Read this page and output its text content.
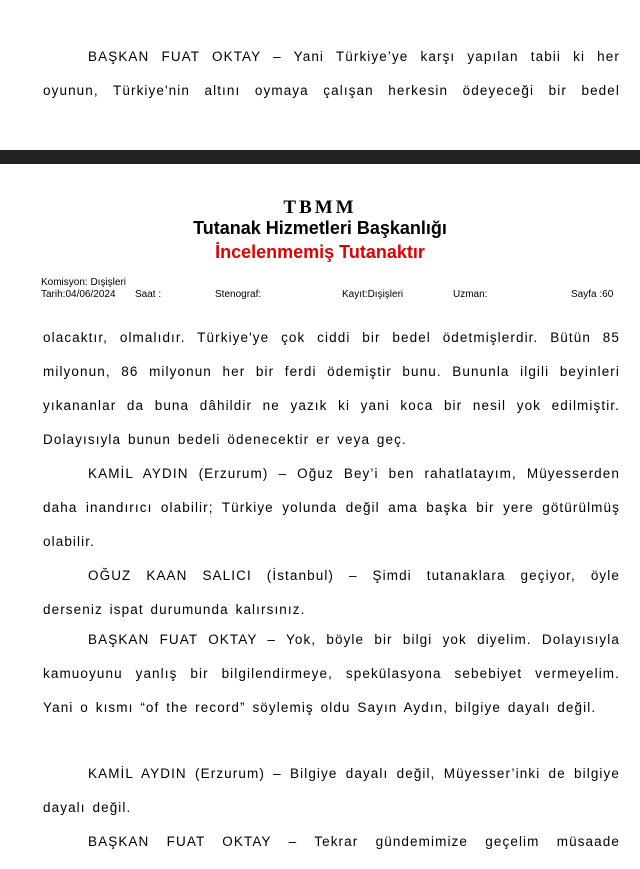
BAŞKAN FUAT OKTAY – Yani Türkiye’ye karşı yapılan tabii ki her oyunun, Türkiye'nin altını oymaya çalışan herkesin ödeyeceği bir bedel

TBMM
Tutanak Hizmetleri Başkanlığı
İncelenmemiş Tutanaktır
Komisyon: Dışişleri
Tarih:04/06/2024 Saat :	Stenograf:	Kayıt:Dışişleri	Uzman:	Sayfa :60

olacaktır, olmalıdır. Türkiye'ye çok ciddi bir bedel ödetmişlerdir. Bütün 85 milyonun, 86 milyonun her bir ferdi ödemiştir bunu. Bununla ilgili beyinleri yıkananlar da buna dâhildir ne yazık ki yani koca bir nesil yok edilmiştir. Dolayısıyla bunun bedeli ödenecektir er veya geç.

KAMİL AYDIN (Erzurum) – Oğuz Bey’i ben rahatlatayım, Müyesserden daha inandırıcı olabilir; Türkiye yolunda değil ama başka bir yere götürülmüş olabilir.

OĞUZ KAAN SALICI (İstanbul) – Şimdi tutanaklara geçiyor, öyle derseniz ispat durumunda kalırsınız.

BAŞKAN FUAT OKTAY – Yok, böyle bir bilgi yok diyelim. Dolayısıyla kamuoyunu yanlış bir bilgilendirmeye, spekülasyona sebebiyet vermeyelim. Yani o kısmı “of the record” söylemiş oldu Sayın Aydın, bilgiye dayalı değil.

KAMİL AYDIN (Erzurum) – Bilgiye dayalı değil, Müyesser’inki de bilgiye dayalı değil.

BAŞKAN FUAT OKTAY – Tekrar gündemimize geçelim müsaade
